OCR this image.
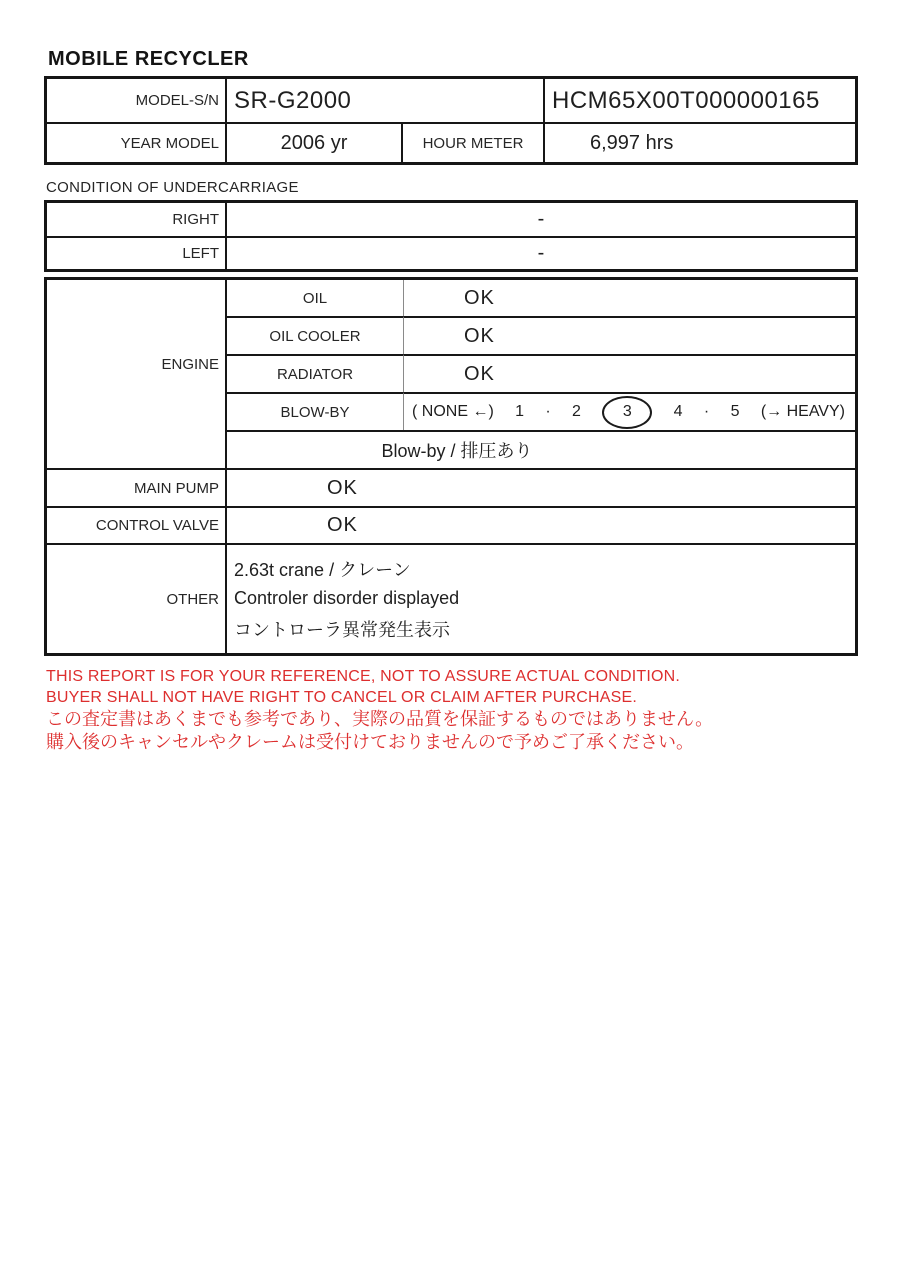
MOBILE RECYCLER
MODEL-S/N SR-G2000	HCM65X00T000000165
YEAR MODEL	2006 yr	HOUR METER	6,997 hrs
CONDITION OF UNDERCARRIAGE
RIGHT	-
LEFT	-
ENGINE
OIL	OK
OIL COOLER	OK
RADIATOR	OK
BLOW-BY	( NONE ←) 1 · 2	3	4 · 5 (→ HEAVY)
Blow-by / 排圧あり
MAIN PUMP	OK
CONTROL VALVE	OK
OTHER
2.63t crane / クレーン
Controler disorder displayed
コントローラ異常発生表示
THIS REPORT IS FOR YOUR REFERENCE, NOT TO ASSURE ACTUAL CONDITION.
BUYER SHALL NOT HAVE RIGHT TO CANCEL OR CLAIM AFTER PURCHASE.
この査定書はあくまでも参考であり、実際の品質を保証するものではありません。
購入後のキャンセルやクレームは受付けておりませんので予めご了承ください。
